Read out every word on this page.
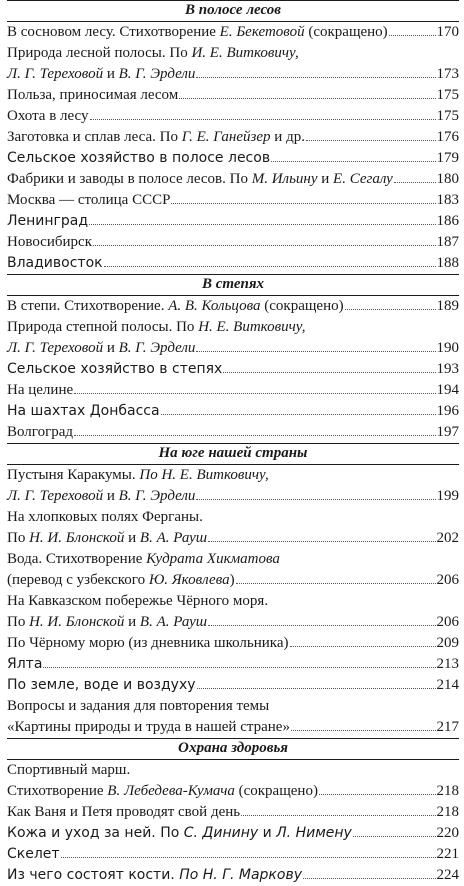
В полосе лесов
В сосновом лесу. Стихотворение Е. Бекетовой (сокращено)	170
Природа лесной полосы. По И. Е. Витковичу,
Л. Г. Тереховой и В. Г. Эрдели	173
Польза, приносимая лесом	175
Охота в лесу	175
Заготовка и сплав леса. По Г. Е. Ганейзер и др.	176
Сельское хозяйство в полосе лесов	179
Фабрики и заводы в полосе лесов. По М. Ильину и Е. Сегалу	180
Москва — столица СССР	183
Ленинград	186
Новосибирск	187
Владивосток	188
В степях
В степи. Стихотворение. А. В. Кольцова (сокращено)	189
Природа степной полосы. По Н. Е. Витковичу,
Л. Г. Тереховой и В. Г. Эрдели	190
Сельское хозяйство в степях	193
На целине	194
На шахтах Донбасса	196
Волгоград	197
На юге нашей страны
Пустыня Каракумы. По Н. Е. Витковичу,
Л. Г. Тереховой и В. Г. Эрдели	199
На хлопковых полях Ферганы.
По Н. И. Блонской и В. А. Рауш	202
Вода. Стихотворение Кудрата Хикматова
(перевод с узбекского Ю. Яковлева)	206
На Кавказском побережье Чёрного моря.
По Н. И. Блонской и В. А. Рауш	206
По Чёрному морю (из дневника школьника)	209
Ялта	213
По земле, воде и воздуху	214
Вопросы и задания для повторения темы
«Картины природы и труда в нашей стране»	217
Охрана здоровья
Спортивный марш.
Стихотворение В. Лебедева-Кумача (сокращено)	218
Как Ваня и Петя проводят свой день	218
Кожа и уход за ней. По С. Динину и Л. Нимену	220
Скелет	221
Из чего состоят кости. По Н. Г. Маркову	224
